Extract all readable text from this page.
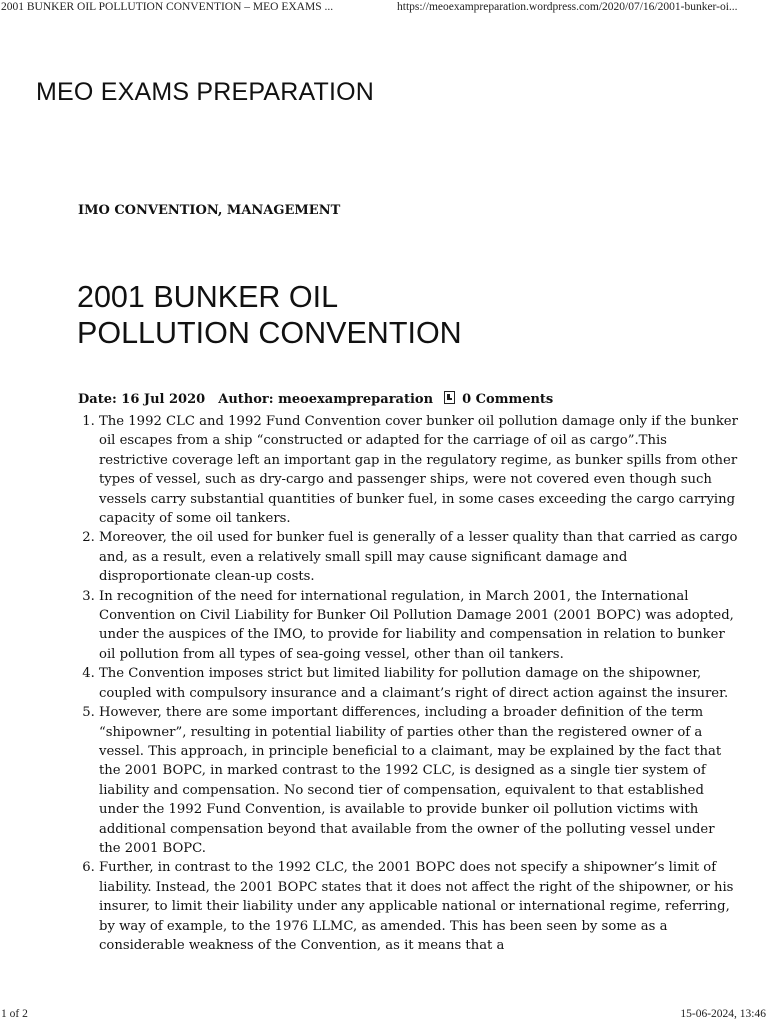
2001 BUNKER OIL POLLUTION CONVENTION – MEO EXAMS ...	https://meoexampreparation.wordpress.com/2020/07/16/2001-bunker-oi...
MEO EXAMS PREPARATION
IMO CONVENTION, MANAGEMENT
2001 BUNKER OIL
POLLUTION CONVENTION
Date: 16 Jul 2020 Author: meoexampreparation 0 Comments
1. The 1992 CLC and 1992 Fund Convention cover bunker oil pollution damage only if the bunker oil escapes from a ship “constructed or adapted for the carriage of oil as cargo”.This restrictive coverage left an important gap in the regulatory regime, as bunker spills from other types of vessel, such as dry-cargo and passenger ships, were not covered even though such vessels carry substantial quantities of bunker fuel, in some cases exceeding the cargo carrying capacity of some oil tankers.
2. Moreover, the oil used for bunker fuel is generally of a lesser quality than that carried as cargo and, as a result, even a relatively small spill may cause significant damage and disproportionate clean-up costs.
3. In recognition of the need for international regulation, in March 2001, the International Convention on Civil Liability for Bunker Oil Pollution Damage 2001 (2001 BOPC) was adopted, under the auspices of the IMO, to provide for liability and compensation in relation to bunker oil pollution from all types of sea-going vessel, other than oil tankers.
4. The Convention imposes strict but limited liability for pollution damage on the shipowner, coupled with compulsory insurance and a claimant’s right of direct action against the insurer.
5. However, there are some important differences, including a broader definition of the term “shipowner”, resulting in potential liability of parties other than the registered owner of a vessel. This approach, in principle beneficial to a claimant, may be explained by the fact that the 2001 BOPC, in marked contrast to the 1992 CLC, is designed as a single tier system of liability and compensation. No second tier of compensation, equivalent to that established under the 1992 Fund Convention, is available to provide bunker oil pollution victims with additional compensation beyond that available from the owner of the polluting vessel under the 2001 BOPC.
6. Further, in contrast to the 1992 CLC, the 2001 BOPC does not specify a shipowner’s limit of liability. Instead, the 2001 BOPC states that it does not affect the right of the shipowner, or his insurer, to limit their liability under any applicable national or international regime, referring, by way of example, to the 1976 LLMC, as amended. This has been seen by some as a considerable weakness of the Convention, as it means that a
1 of 2	15-06-2024, 13:46
